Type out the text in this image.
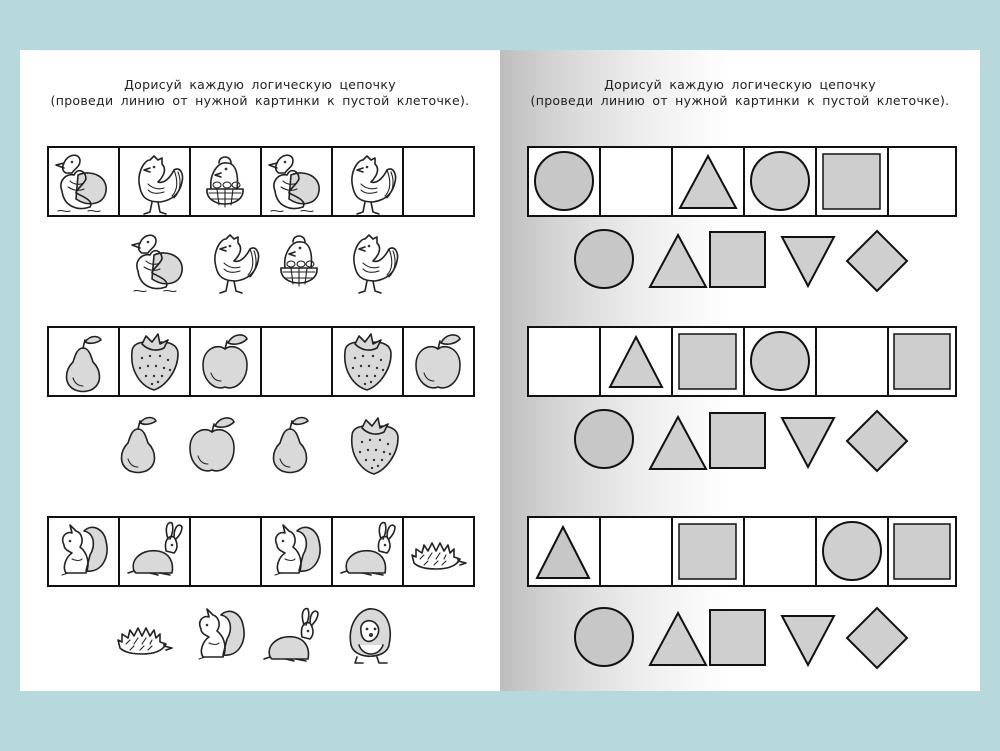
Дорисуй каждую логическую цепочку
(проведи линию от нужной картинки к пустой клеточке).
Дорисуй каждую логическую цепочку
(проведи линию от нужной картинки к пустой клеточке).
